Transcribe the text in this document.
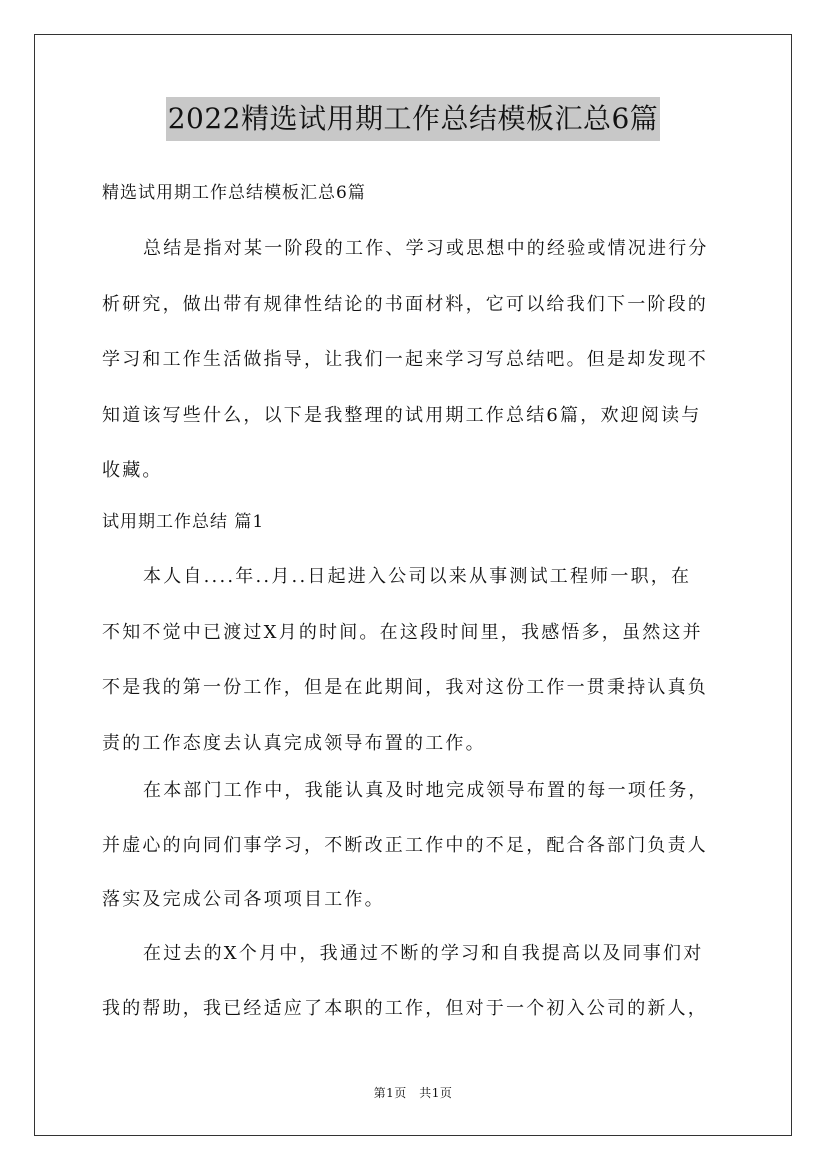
2022精选试用期工作总结模板汇总6篇
精选试用期工作总结模板汇总6篇
总结是指对某一阶段的工作、学习或思想中的经验或情况进行分
析研究，做出带有规律性结论的书面材料，它可以给我们下一阶段的
学习和工作生活做指导，让我们一起来学习写总结吧。但是却发现不
知道该写些什么，以下是我整理的试用期工作总结6篇，欢迎阅读与
收藏。
试用期工作总结 篇1
本人自....年..月..日起进入公司以来从事测试工程师一职，在
不知不觉中已渡过X月的时间。在这段时间里，我感悟多，虽然这并
不是我的第一份工作，但是在此期间，我对这份工作一贯秉持认真负
责的工作态度去认真完成领导布置的工作。
在本部门工作中，我能认真及时地完成领导布置的每一项任务，
并虚心的向同们事学习，不断改正工作中的不足，配合各部门负责人
落实及完成公司各项项目工作。
在过去的X个月中，我通过不断的学习和自我提高以及同事们对
我的帮助，我已经适应了本职的工作，但对于一个初入公司的新人，
第1页　共1页
